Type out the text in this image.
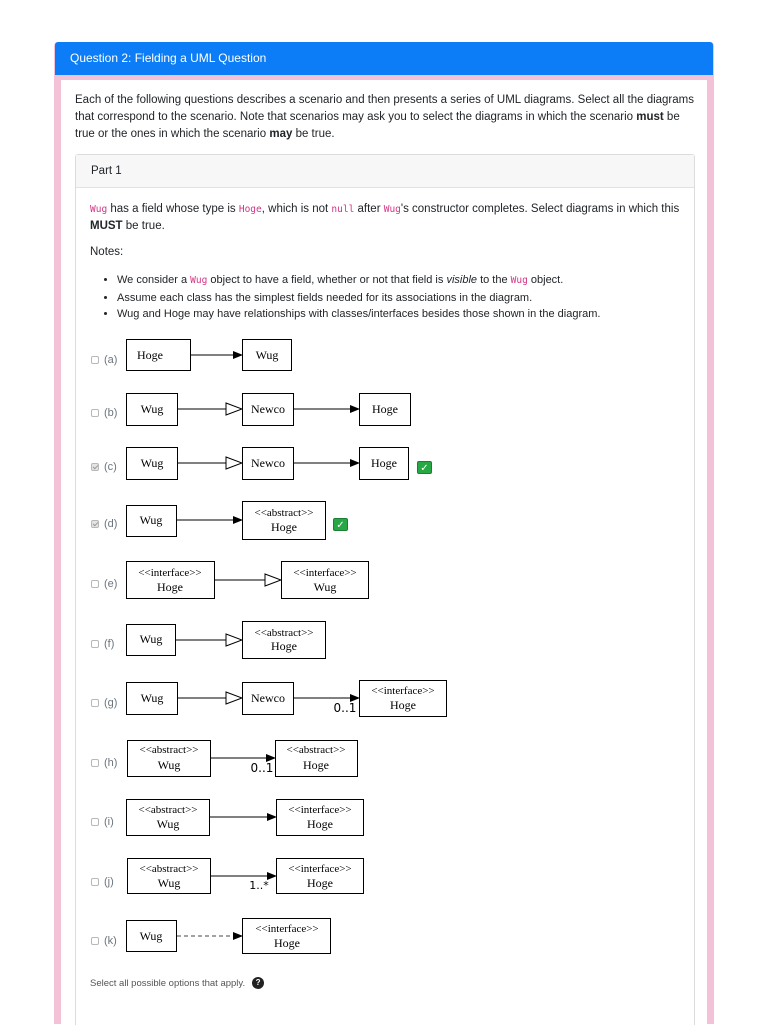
Question 2: Fielding a UML Question
Each of the following questions describes a scenario and then presents a series of UML diagrams. Select all the diagrams that correspond to the scenario. Note that scenarios may ask you to select the diagrams in which the scenario must be true or the ones in which the scenario may be true.
Part 1
Wug has a field whose type is Hoge, which is not null after Wug's constructor completes. Select diagrams in which this MUST be true.
Notes:
• We consider a Wug object to have a field, whether or not that field is visible to the Wug object.
• Assume each class has the simplest fields needed for its associations in the diagram.
• Wug and Hoge may have relationships with classes/interfaces besides those shown in the diagram.
(a)
(b)
(c)
(d)
(e)
(f)
(g)
(h)
(i)
(j)
(k)
✓
✓
Hoge	Wug
Wug	Newco	Hoge
Wug	Newco	Hoge
Wug	<<abstract>>
Hoge
<<interface>>
Hoge
<<interface>>
Wug
Wug	<<abstract>>
Hoge
Wug	Newco	<<interface>>
Hoge
0..1
<<abstract>>
Wug
<<abstract>>
Hoge
0..1
<<abstract>>
Wug
<<interface>>
Hoge
<<abstract>>
Wug
<<interface>>
Hoge
1..*
Wug	<<interface>>
Hoge
Select all possible options that apply.	?
